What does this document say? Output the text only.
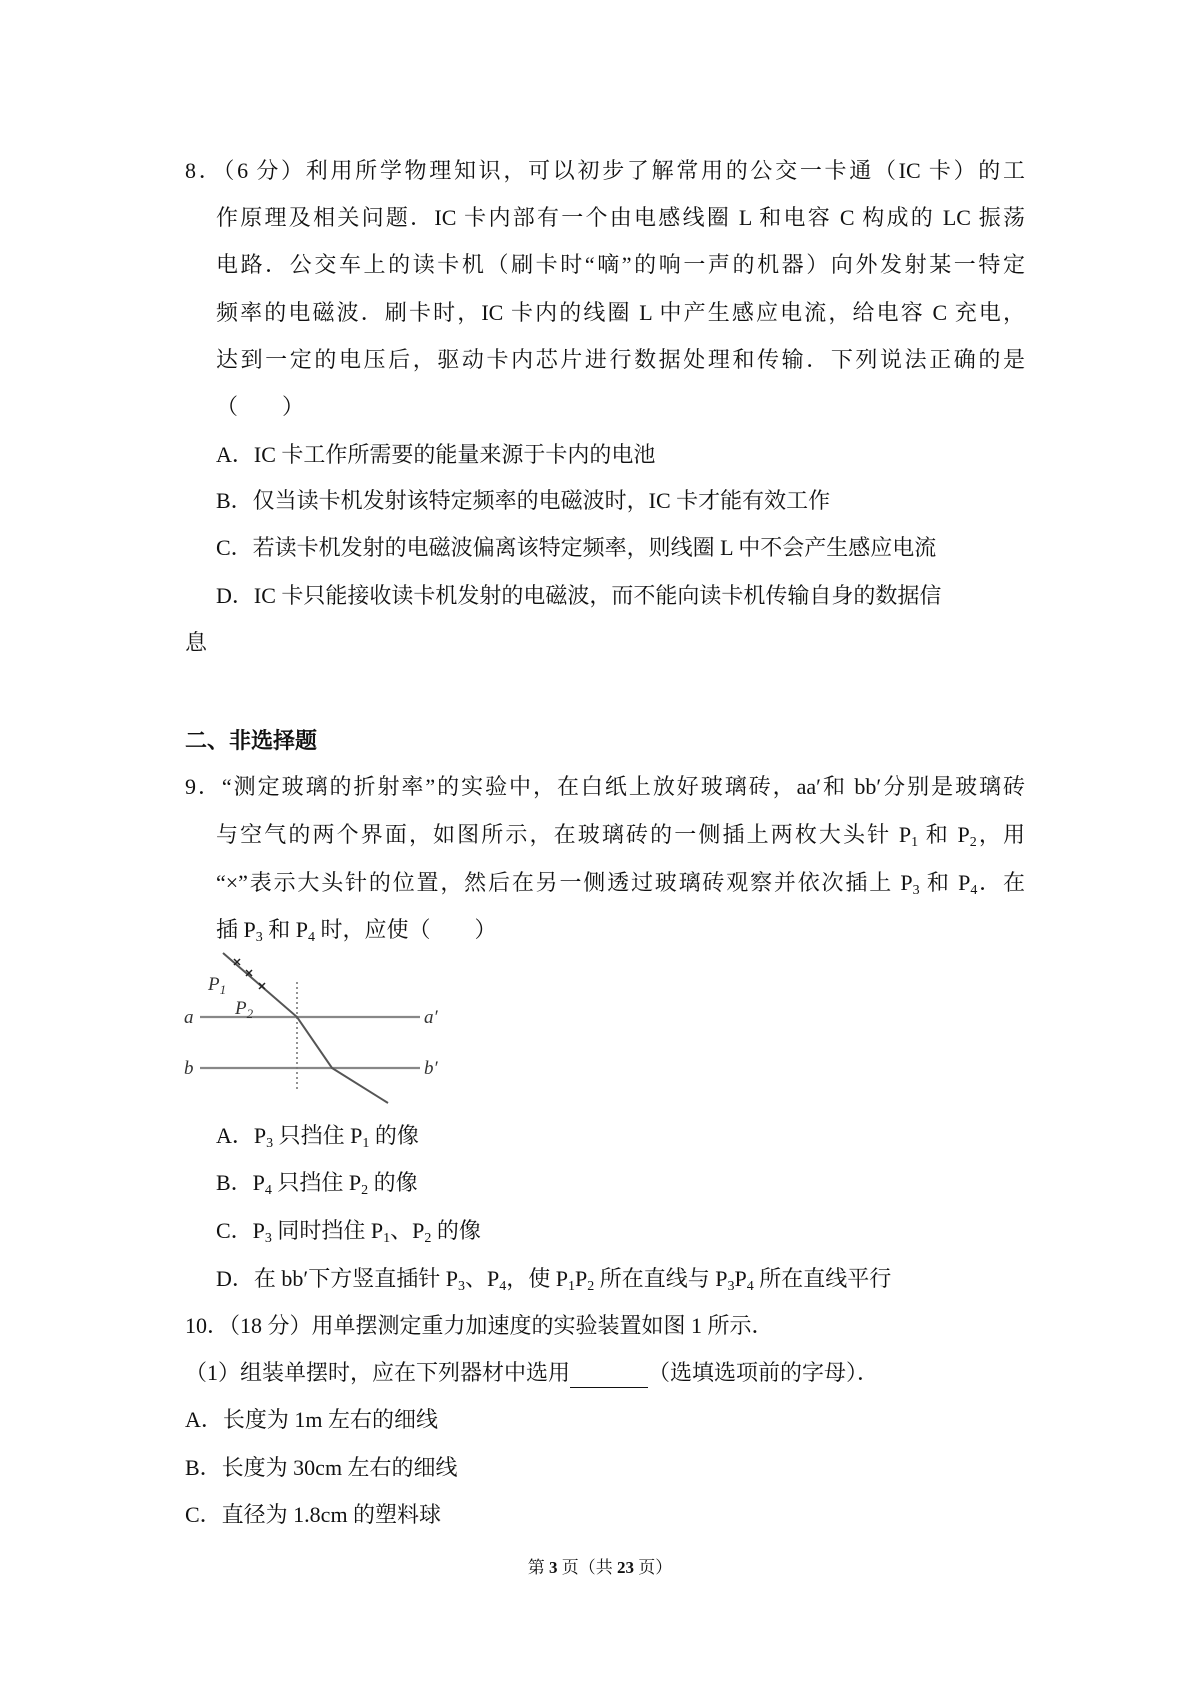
8．（6 分）利用所学物理知识，可以初步了解常用的公交一卡通（IC 卡）的工
作原理及相关问题．IC 卡内部有一个由电感线圈 L 和电容 C 构成的 LC 振荡
电路．公交车上的读卡机（刷卡时“嘀”的响一声的机器）向外发射某一特定
频率的电磁波．刷卡时，IC 卡内的线圈 L 中产生感应电流，给电容 C 充电，
达到一定的电压后，驱动卡内芯片进行数据处理和传输．下列说法正确的是
（　　）
A．IC 卡工作所需要的能量来源于卡内的电池
B．仅当读卡机发射该特定频率的电磁波时，IC 卡才能有效工作
C．若读卡机发射的电磁波偏离该特定频率，则线圈 L 中不会产生感应电流
D．IC 卡只能接收读卡机发射的电磁波，而不能向读卡机传输自身的数据信
息
二、非选择题
9．“测定玻璃的折射率”的实验中，在白纸上放好玻璃砖，aa′和 bb′分别是玻璃砖
与空气的两个界面，如图所示，在玻璃砖的一侧插上两枚大头针 $P_1$ 和 $P_2$，用
“×”表示大头针的位置，然后在另一侧透过玻璃砖观察并依次插上 $P_3$ 和 $P_4$．在
插 $P_3$ 和 $P_4$ 时，应使（　　）
A．$P_3$ 只挡住 $P_1$ 的像
B．$P_4$ 只挡住 $P_2$ 的像
C．$P_3$ 同时挡住 $P_1$、$P_2$ 的像
D．在 bb′下方竖直插针 $P_3$、$P_4$，使 $P_1P_2$ 所在直线与 $P_3P_4$ 所在直线平行
10．（18 分）用单摆测定重力加速度的实验装置如图 1 所示．
（1）组装单摆时，应在下列器材中选用	（选填选项前的字母）．
A．长度为 1m 左右的细线
B．长度为 30cm 左右的细线
C．直径为 1.8cm 的塑料球
$P_1$
$P_2$
a	a′
b	b′
第 3 页（共 23 页）
